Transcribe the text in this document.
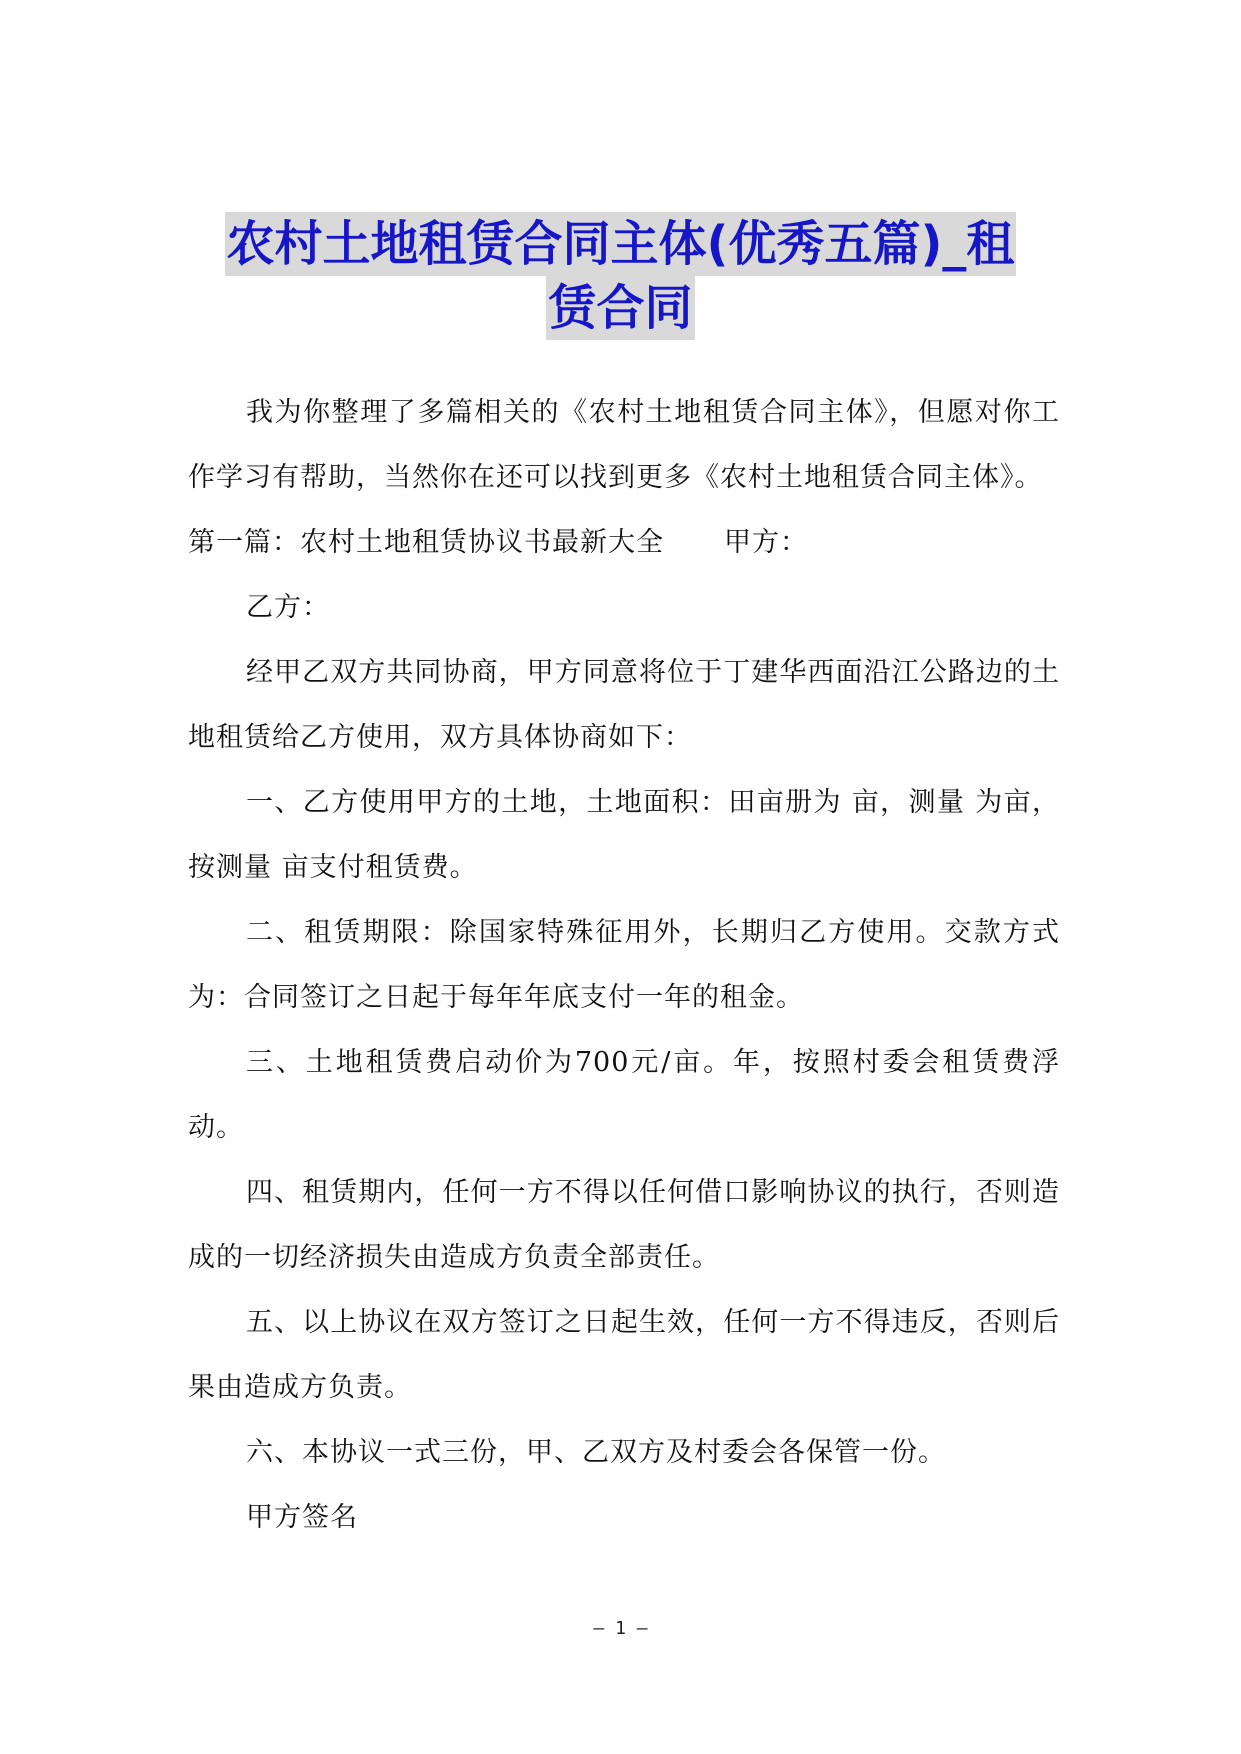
农村土地租赁合同主体(优秀五篇)_租
赁合同

我为你整理了多篇相关的《农村土地租赁合同主体》，但愿对你工作学习有帮助，当然你在还可以找到更多《农村土地租赁合同主体》。

第一篇：农村土地租赁协议书最新大全 甲方：

乙方：

经甲乙双方共同协商，甲方同意将位于丁建华西面沿江公路边的土地租赁给乙方使用，双方具体协商如下：

一、乙方使用甲方的土地，土地面积：田亩册为 亩，测量 为亩，按测量 亩支付租赁费。

二、租赁期限：除国家特殊征用外，长期归乙方使用。交款方式为：合同签订之日起于每年年底支付一年的租金。

三、土地租赁费启动价为700元/亩。年，按照村委会租赁费浮动。

四、租赁期内，任何一方不得以任何借口影响协议的执行，否则造成的一切经济损失由造成方负责全部责任。

五、以上协议在双方签订之日起生效，任何一方不得违反，否则后果由造成方负责。

六、本协议一式三份，甲、乙双方及村委会各保管一份。

甲方签名

— 1 —
